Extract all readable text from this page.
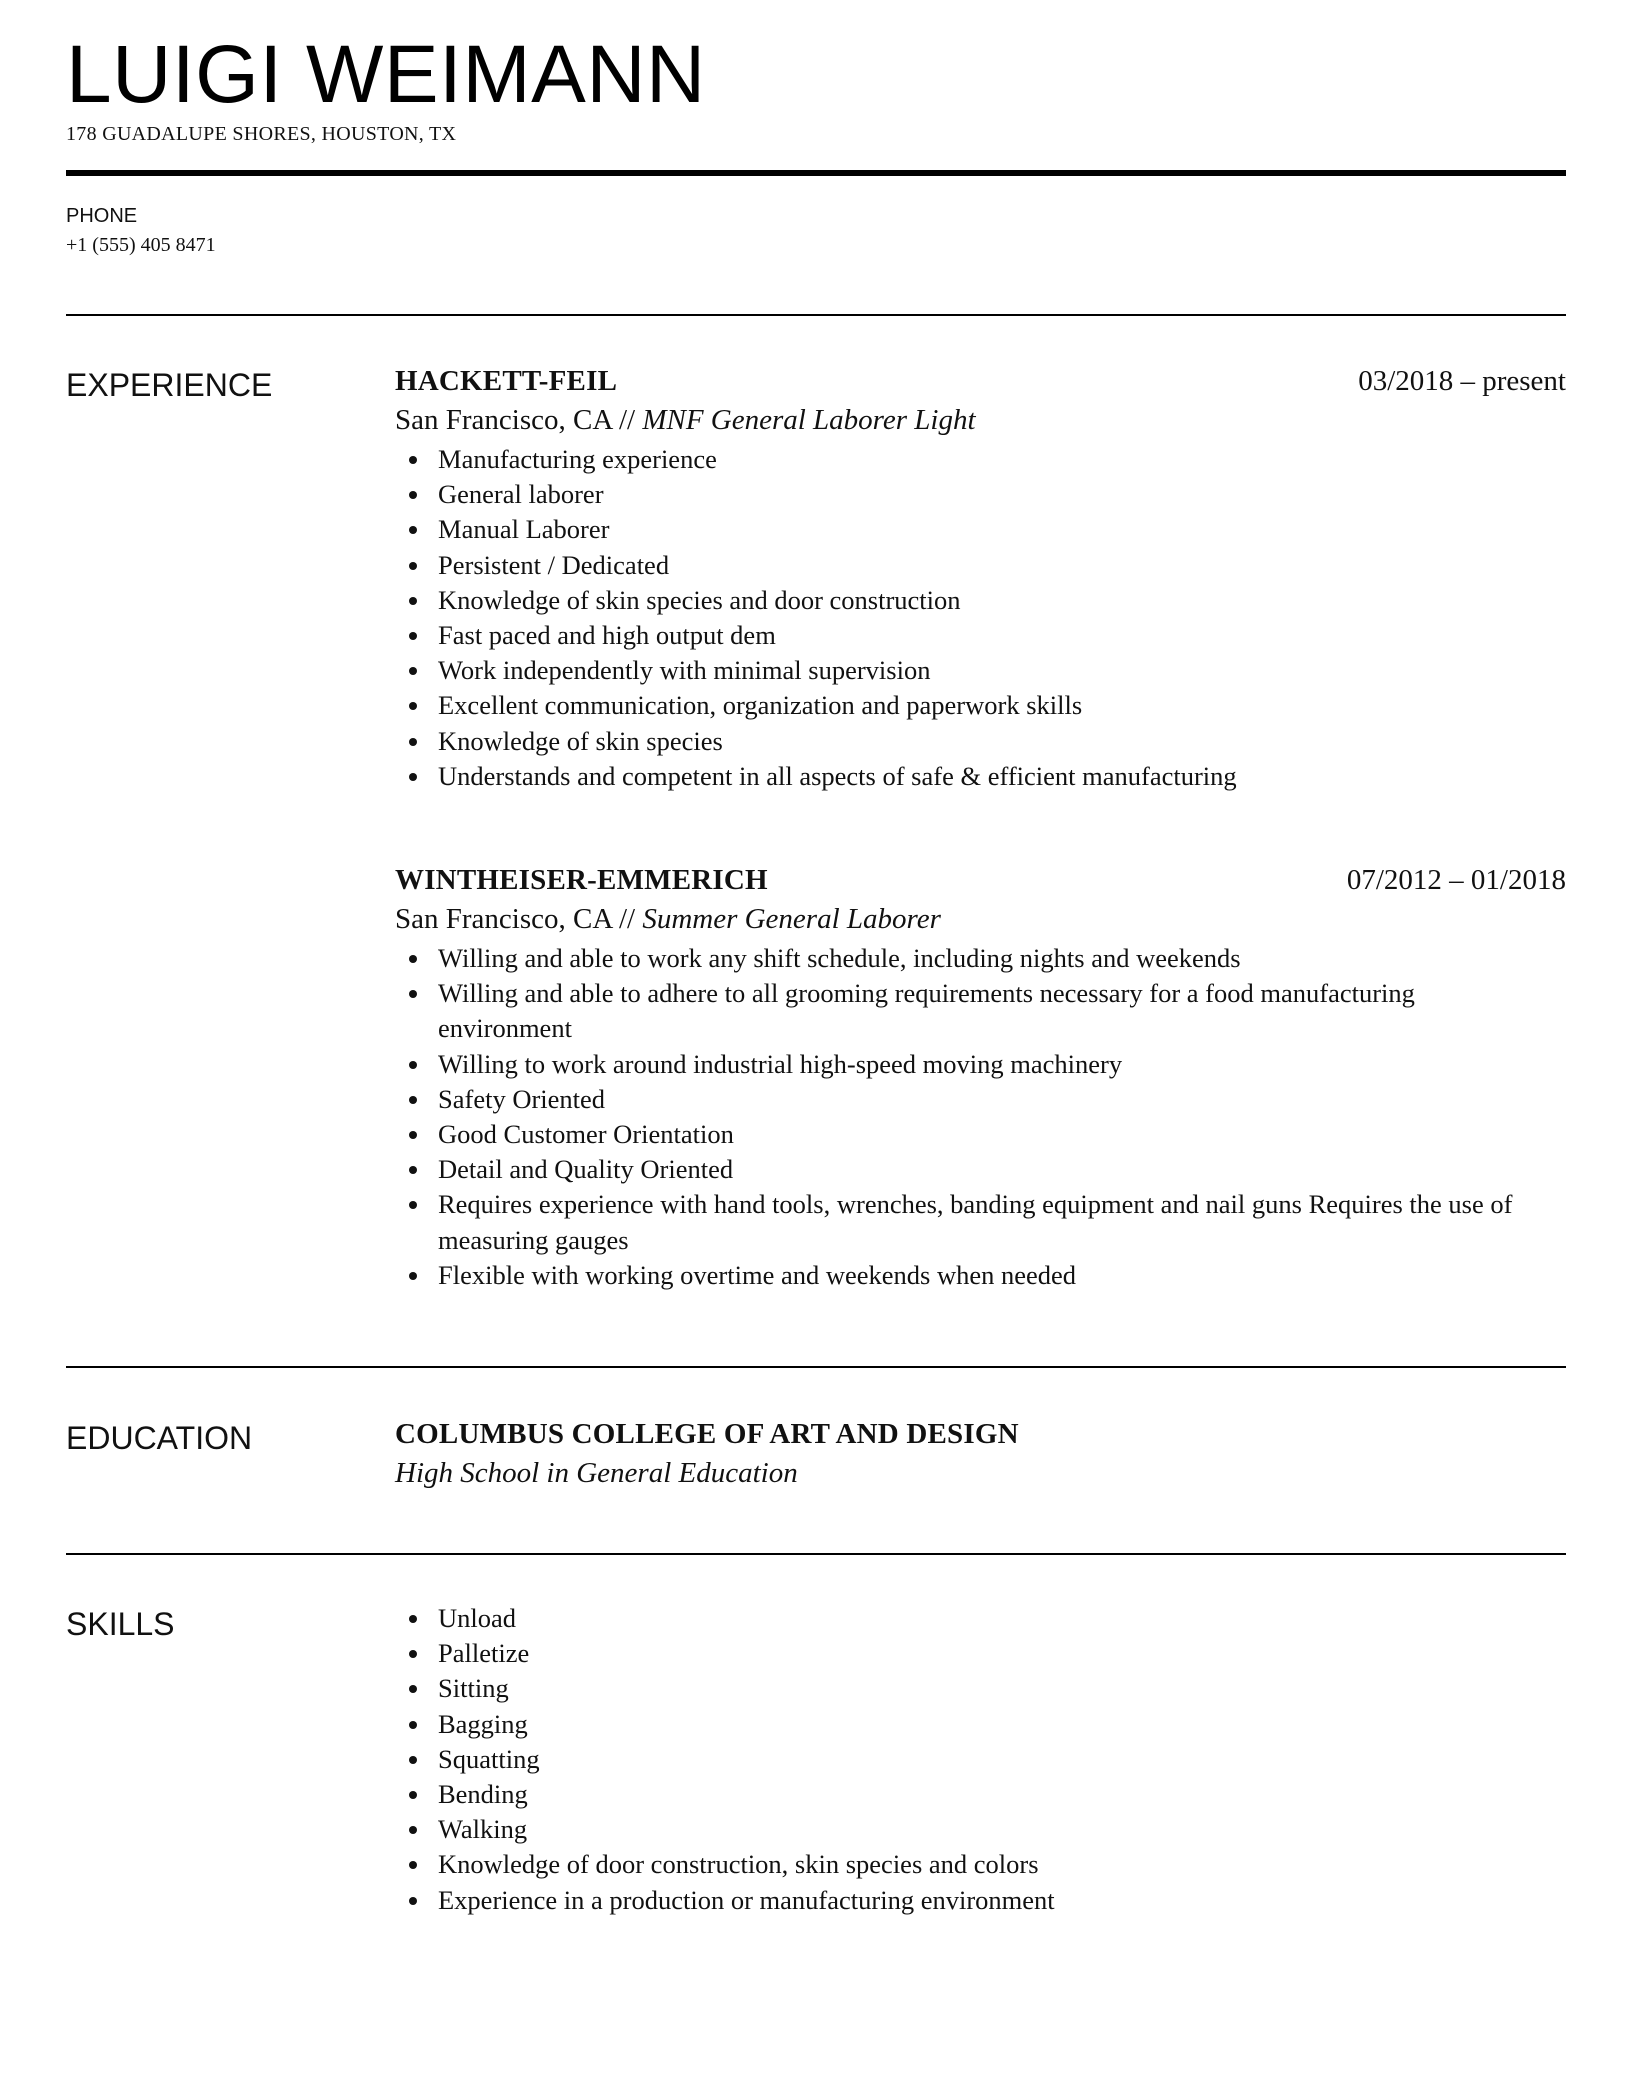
LUIGI WEIMANN
178 GUADALUPE SHORES, HOUSTON, TX
PHONE
+1 (555) 405 8471
EXPERIENCE	HACKETT-FEIL	03/2018 – present
San Francisco, CA // MNF General Laborer Light
Manufacturing experience
General laborer
Manual Laborer
Persistent / Dedicated
Knowledge of skin species and door construction
Fast paced and high output dem
Work independently with minimal supervision
Excellent communication, organization and paperwork skills
Knowledge of skin species
Understands and competent in all aspects of safe & efficient manufacturing
WINTHEISER-EMMERICH	07/2012 – 01/2018
San Francisco, CA // Summer General Laborer
Willing and able to work any shift schedule, including nights and weekends
Willing and able to adhere to all grooming requirements necessary for a food manufacturing environment
Willing to work around industrial high-speed moving machinery
Safety Oriented
Good Customer Orientation
Detail and Quality Oriented
Requires experience with hand tools, wrenches, banding equipment and nail guns Requires the use of measuring gauges
Flexible with working overtime and weekends when needed
EDUCATION	COLUMBUS COLLEGE OF ART AND DESIGN
High School in General Education
SKILLS	Unload
Palletize
Sitting
Bagging
Squatting
Bending
Walking
Knowledge of door construction, skin species and colors
Experience in a production or manufacturing environment
